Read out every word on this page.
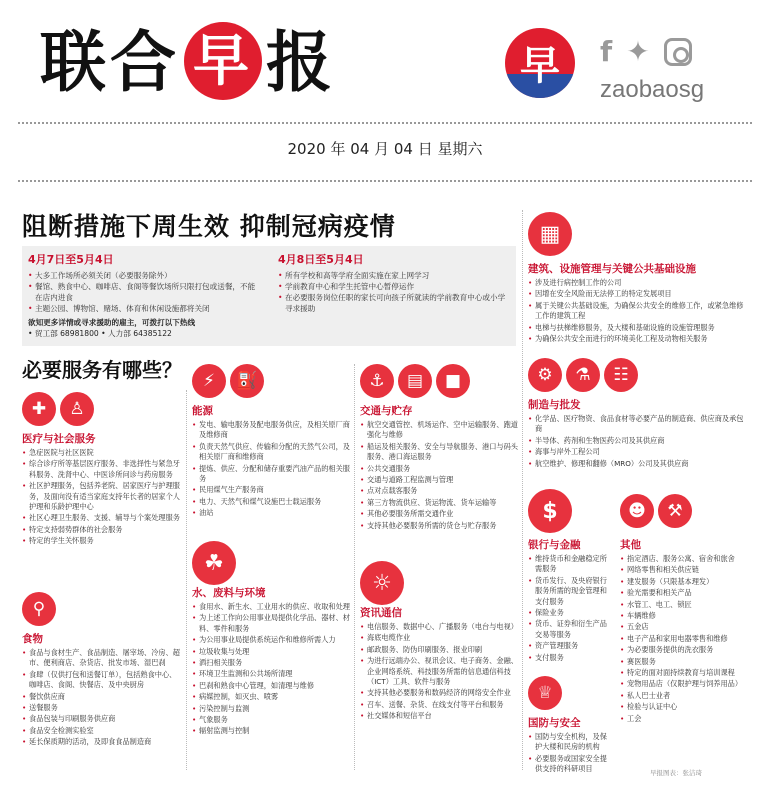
联合 早 报	早	f ✦
zaobaosg
2020 年 04 月 04 日 星期六
阻断措施下周生效 抑制冠病疫情
4月7日至5月4日
• 大多工作场所必须关闭（必要服务除外）
• 餐馆、熟食中心、咖啡店、食阁等餐饮场所只限打包或送餐，不能在店内进食
• 主题公园、博物馆、赌场、体育和休闲设施都将关闭
欲知更多详情或寻求援助的雇主，可拨打以下热线
• 贸工部 68981800 • 人力部 64385122
4月8日至5月4日
• 所有学校和高等学府全面实施在家上网学习
• 学前教育中心和学生托管中心暂停运作
• 在必要服务岗位任职的家长可向孩子所就读的学前教育中心或小学寻求援助
必要服务有哪些？
✚	♙
医疗与社会服务
• 急症医院与社区医院
• 综合诊疗所等基层医疗服务、非选择性与紧急牙科服务、洗肾中心、中医诊所问诊与药房服务
• 社区护理服务，包括养老院、居家医疗与护理服务，及面向没有适当家庭支持年长者的居家个人护理和乐龄护理中心
• 社区心理卫生服务、支援、辅导与个案处理服务
• 特定支持弱势群体的社会服务
• 特定的学生关怀服务
⚲
食物
• 食品与食材生产、食品制造、屠宰场、冷房、超市、便利商店、杂货店、批发市场、湿巴刹
• 食肆（仅供打包和送餐订单），包括熟食中心、咖啡店、食阁、快餐店、及中央厨房
• 餐饮供应商
• 送餐服务
• 食品包装与印刷服务供应商
• 食品安全检测实验室
• 延长保质期的活动，及即食食品制造商
⚡	⛽
能源
• 发电、输电服务及配电服务供应，及相关原厂商及维修商
• 负责天然气供应、传输和分配的天然气公司，及相关原厂商和维修商
• 提炼、供应、分配和储存重要汽油产品的相关服务
• 民用煤气生产服务商
• 电力、天然气和煤气设施巴士载运服务
• 油站
☘
水、废料与环境
• 食用水、新生水、工业用水的供应、收取和处理
• 为上述工作向公用事业局提供化学品、器材、材料、零件和服务
• 为公用事业局提供系统运作和维修所需人力
• 垃圾收集与处理
• 洒扫相关服务
• 环境卫生监测和公共场所清理
• 巴刹和熟食中心管理，如清理与维修
• 病媒控制，如灭虫、喷雾
• 污染控制与监测
• 气象服务
• 辐射监测与控制
⚓	▤	■
交通与贮存
• 航空交通管控、机场运作、空中运输服务、跑道强化与维修
• 船运及相关服务、安全与导航服务、港口与码头服务、港口海运服务
• 公共交通服务
• 交通与道路工程监测与管理
• 点对点载客服务
• 第三方物流供应、货运物流、货车运输等
• 其他必要服务所需交通作业
• 支持其他必要服务所需的货仓与贮存服务
☼
资讯通信
• 电信服务、数据中心、广播服务（电台与电视）
• 海底电缆作业
• 邮政服务、防伪印刷服务、报业印刷
• 为进行远端办公、视讯会议、电子商务、金融、企业网络系统、科技服务所需的信息通信科技（ICT）工具、软件与服务
• 支持其他必要服务和数码经济的网络安全作业
• 召车、送餐、杂货、在线支付等平台和服务
• 社交媒体和短信平台
▦
建筑、设施管理与关键公共基础设施
• 涉及进行病控制工作的公司
• 因增在安全风险而无法停工的特定发展项目
• 属于关键公共基础设施，为确保公共安全的维修工作，或紧急维修工作的建筑工程
• 电梯与扶梯维修服务，及大楼和基础设施的设施管理服务
• 为确保公共安全而进行的环境美化工程及动物相关服务
⚙	⚗	☷
制造与批发
• 化学品、医疗物资、食品食材等必要产品的制造商、供应商及承包商
• 半导体、药剂和生物医药公司及其供应商
• 海事与岸外工程公司
• 航空维护、修理和翻修（MRO）公司及其供应商
$
银行与金融
• 维持货币和金融稳定所需服务
• 货币发行、及央府银行服务所需的现金管理和支付服务
• 保险业务
• 货币、证券和衍生产品交易等服务
• 资产管理服务
• 支付服务
♕
国防与安全
• 国防与安全机构，及保护大楼和民房的机构
• 必要服务或国家安全提供支持的科研项目
☻	⚒
其他
• 指定酒店、服务公寓、宿舍和旅舍
• 网络零售和相关供应链
• 建发服务（只限基本理发）
• 验光需要和相关产品
• 水管工、电工、锁匠
• 车辆维修
• 五金店
• 电子产品和家用电器零售和维修
• 为必要服务提供的洗衣服务
• 赛医服务
• 特定的面对面持续教育与培训课程
• 宠物用品店（仅限护理与饲养用品）
• 私人巴士业者
• 检验与认证中心
• 工会
早报图表：张洁琦
